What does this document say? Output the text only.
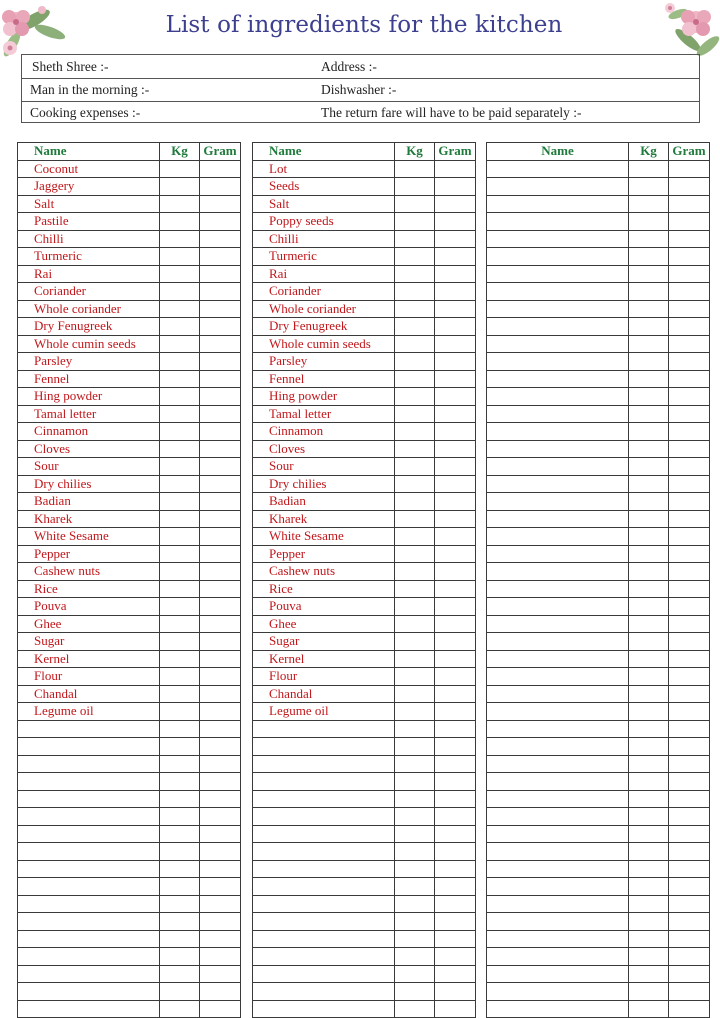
List of ingredients for the kitchen
Sheth Shree :-	Address :-
Man in the morning :-	Dishwasher :-
Cooking expenses :-	The return fare will have to be paid separately :-
Name	Kg	Gram
Coconut		
Jaggery		
Salt		
Pastile		
Chilli		
Turmeric		
Rai		
Coriander		
Whole coriander		
Dry Fenugreek		
Whole cumin seeds		
Parsley		
Fennel		
Hing powder		
Tamal letter		
Cinnamon		
Cloves		
Sour		
Dry chilies		
Badian		
Kharek		
White Sesame		
Pepper		
Cashew nuts		
Rice		
Pouva		
Ghee		
Sugar		
Kernel		
Flour		
Chandal		
Legume oil		

Name	Kg	Gram
Lot		
Seeds		
Salt		
Poppy seeds		
Chilli		
Turmeric		
Rai		
Coriander		
Whole coriander		
Dry Fenugreek		
Whole cumin seeds		
Parsley		
Fennel		
Hing powder		
Tamal letter		
Cinnamon		
Cloves		
Sour		
Dry chilies		
Badian		
Kharek		
White Sesame		
Pepper		
Cashew nuts		
Rice		
Pouva		
Ghee		
Sugar		
Kernel		
Flour		
Chandal		
Legume oil		

Name	Kg	Gram
